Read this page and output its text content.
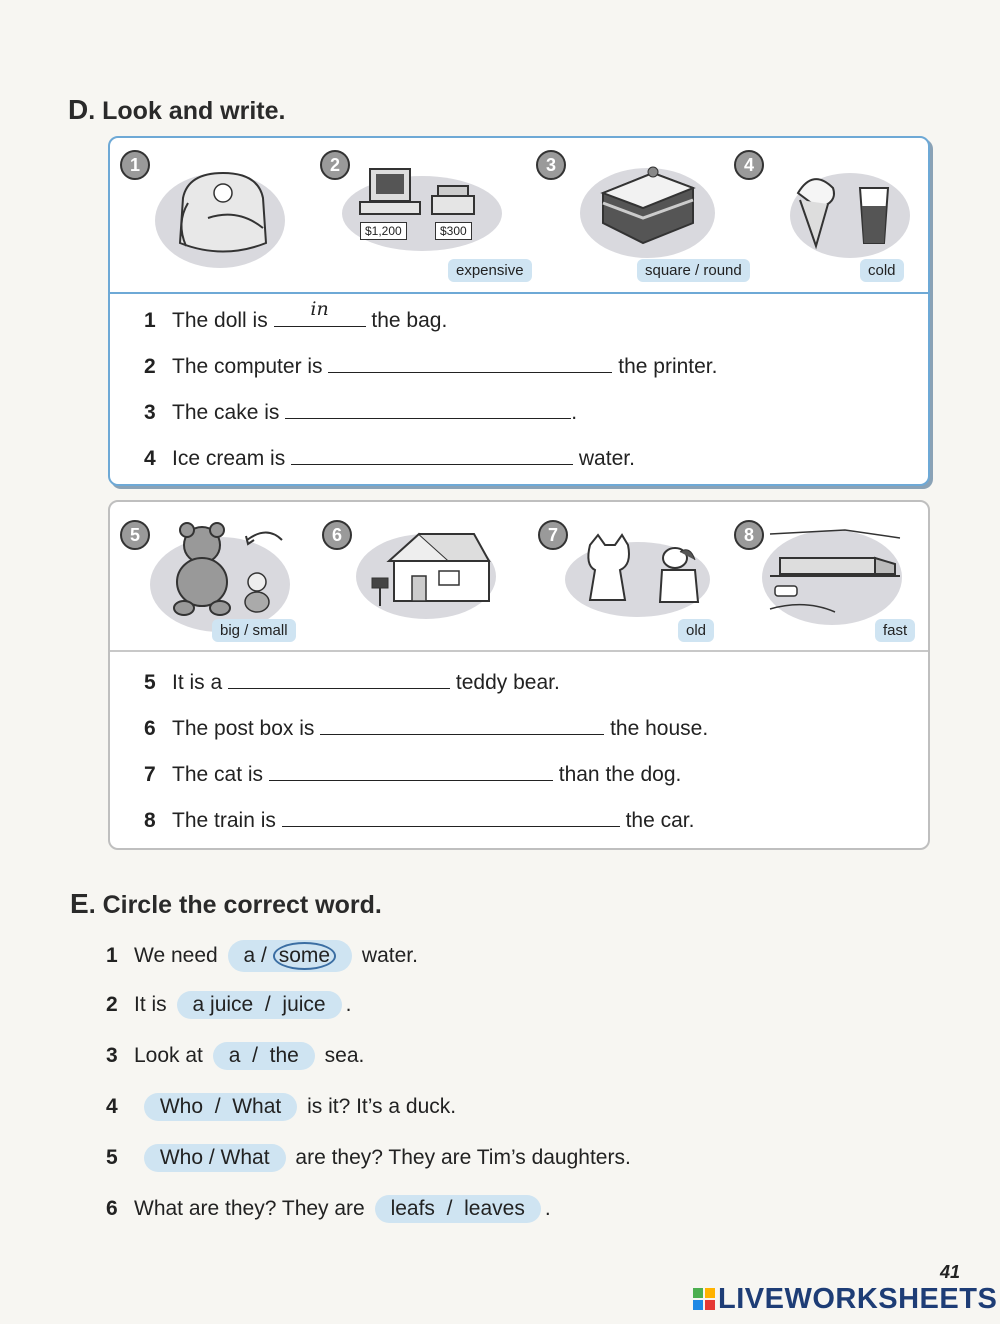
D. Look and write.
1	2
$1,200	$300
expensive
3
square / round
4
cold
1 The doll is	in	the bag.
2 The computer is	the printer.
3 The cake is	.
4 Ice cream is	water.
5
big / small
6	7
old
8
fast
5 It is a	teddy bear.
6 The post box is	the house.
7 The cat is	than the dog.
8 The train is	the car.
E. Circle the correct word.
1 We need a / some water.
2 It is a juice  /  juice .
3 Look at a  /  the sea.
4 Who  /  What is it? It’s a duck.
5 Who / What are they? They are Tim’s daughters.
6 What are they? They are leafs  /  leaves .
41
LIVEWORKSHEETS
